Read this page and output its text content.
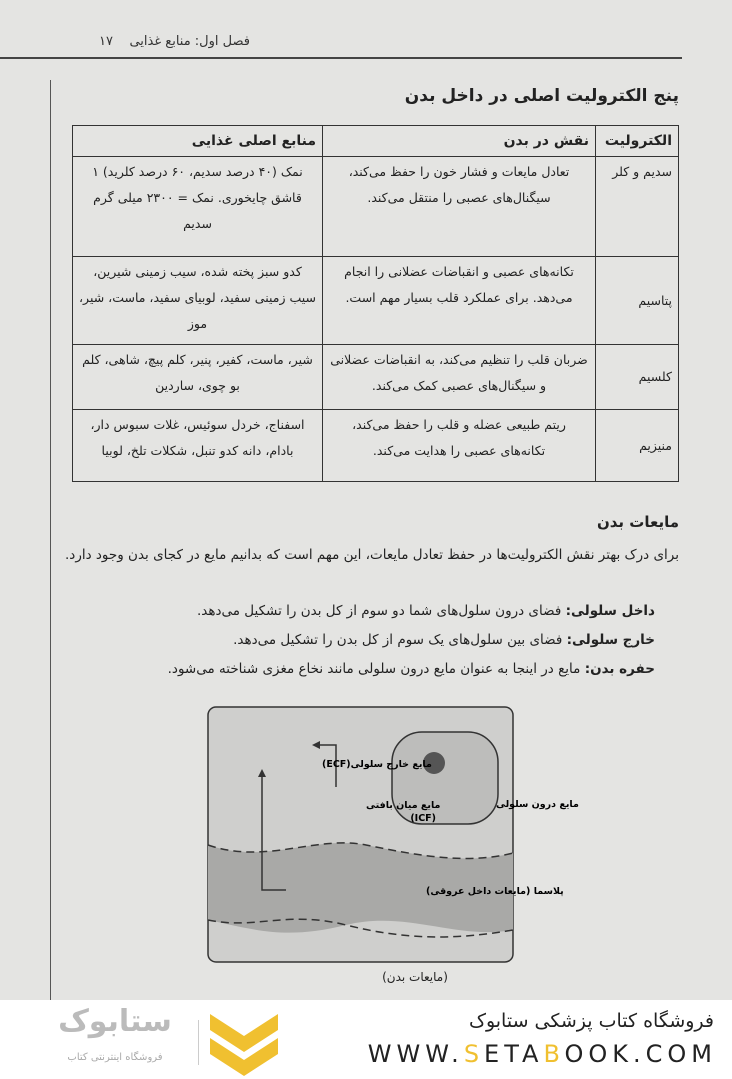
فصل اول: منابع غذایی    ۱۷
پنج الکترولیت اصلی در داخل بدن
الکترولیت	نقش در بدن	منابع اصلی غذایی
سدیم و کلر	تعادل مایعات و فشار خون را حفظ می‌کند، سیگنال‌های عصبی را منتقل می‌کند.	نمک (۴۰ درصد سدیم، ۶۰ درصد کلرید) ۱ قاشق چایخوری. نمک = ۲۳۰۰ میلی گرم سدیم
پتاسیم	تکانه‌های عصبی و انقباضات عضلانی را انجام می‌دهد. برای عملکرد قلب بسیار مهم است.	کدو سبز پخته شده، سیب زمینی شیرین، سیب زمینی سفید، لوبیای سفید، ماست، شیر، موز
کلسیم	ضربان قلب را تنظیم می‌کند، به انقباضات عضلانی و سیگنال‌های عصبی کمک می‌کند.	شیر، ماست، کفیر، پنیر، کلم پیچ، شاهی، کلم بو چوی، ساردین
منیزیم	ریتم طبیعی عضله و قلب را حفظ می‌کند، تکانه‌های عصبی را هدایت می‌کند.	اسفناج، خردل سوئیس، غلات سبوس دار، بادام، دانه کدو تنبل، شکلات تلخ، لوبیا
مایعات بدن
برای درک بهتر نقش الکترولیت‌ها در حفظ تعادل مایعات، این مهم است که بدانیم مایع در کجای بدن وجود دارد.
داخل سلولی: فضای درون سلول‌های شما دو سوم از کل بدن را تشکیل می‌دهد.
خارج سلولی: فضای بین سلول‌های یک سوم از کل بدن را تشکیل می‌دهد.
حفره بدن: مایع در اینجا به عنوان مایع درون سلولی مانند نخاع مغزی شناخته می‌شود.
مایع خارج سلولی(ECF)
مایع میان بافتی	مایع درون سلولی
(ICF)
پلاسما (مایعات داخل عروقی)
(مایعات بدن)
ستابوک
فروشگاه اینترنتی کتاب
فروشگاه کتاب پزشکی ستابوک
WWW.SETABOOK.COM
